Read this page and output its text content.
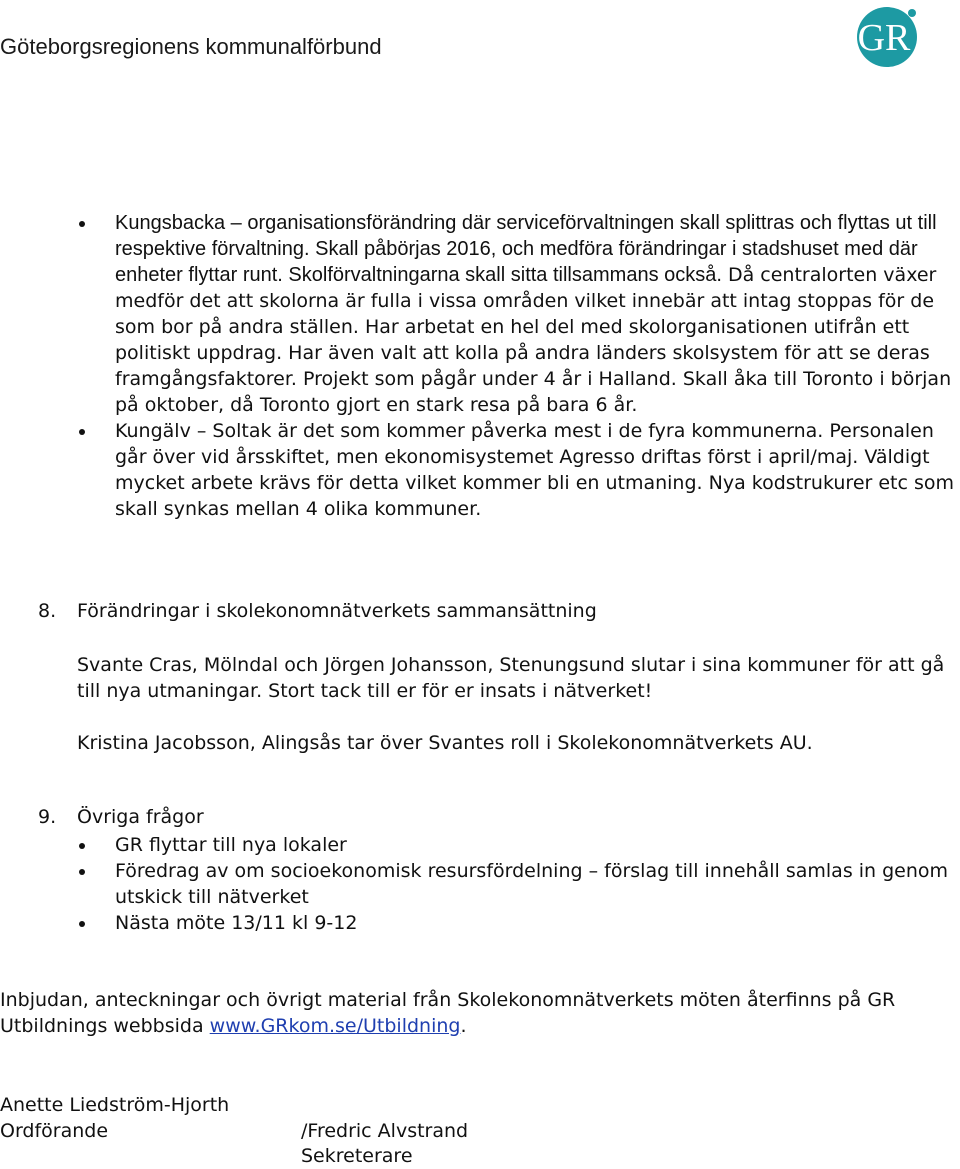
Göteborgsregionens kommunalförbund	GR
Kungsbacka – organisationsförändring där serviceförvaltningen skall splittras och flyttas ut till respektive förvaltning. Skall påbörjas 2016, och medföra förändringar i stadshuset med där enheter flyttar runt. Skolförvaltningarna skall sitta tillsammans också. Då centralorten växer medför det att skolorna är fulla i vissa områden vilket innebär att intag stoppas för de som bor på andra ställen. Har arbetat en hel del med skolorganisationen utifrån ett politiskt uppdrag. Har även valt att kolla på andra länders skolsystem för att se deras framgångsfaktorer. Projekt som pågår under 4 år i Halland. Skall åka till Toronto i början på oktober, då Toronto gjort en stark resa på bara 6 år.
Kungälv – Soltak är det som kommer påverka mest i de fyra kommunerna. Personalen går över vid årsskiftet, men ekonomisystemet Agresso driftas först i april/maj. Väldigt mycket arbete krävs för detta vilket kommer bli en utmaning. Nya kodstrukurer etc som skall synkas mellan 4 olika kommuner.
8. Förändringar i skolekonomnätverkets sammansättning

Svante Cras, Mölndal och Jörgen Johansson, Stenungsund slutar i sina kommuner för att gå till nya utmaningar. Stort tack till er för er insats i nätverket!

Kristina Jacobsson, Alingsås tar över Svantes roll i Skolekonomnätverkets AU.

9. Övriga frågor
GR flyttar till nya lokaler
Föredrag av om socioekonomisk resursfördelning – förslag till innehåll samlas in genom utskick till nätverket
Nästa möte 13/11 kl 9-12

Inbjudan, anteckningar och övrigt material från Skolekonomnätverkets möten återfinns på GR Utbildnings webbsida www.GRkom.se/Utbildning.

Anette Liedström-Hjorth

Ordförande	/Fredric Alvstrand

Sekreterare
